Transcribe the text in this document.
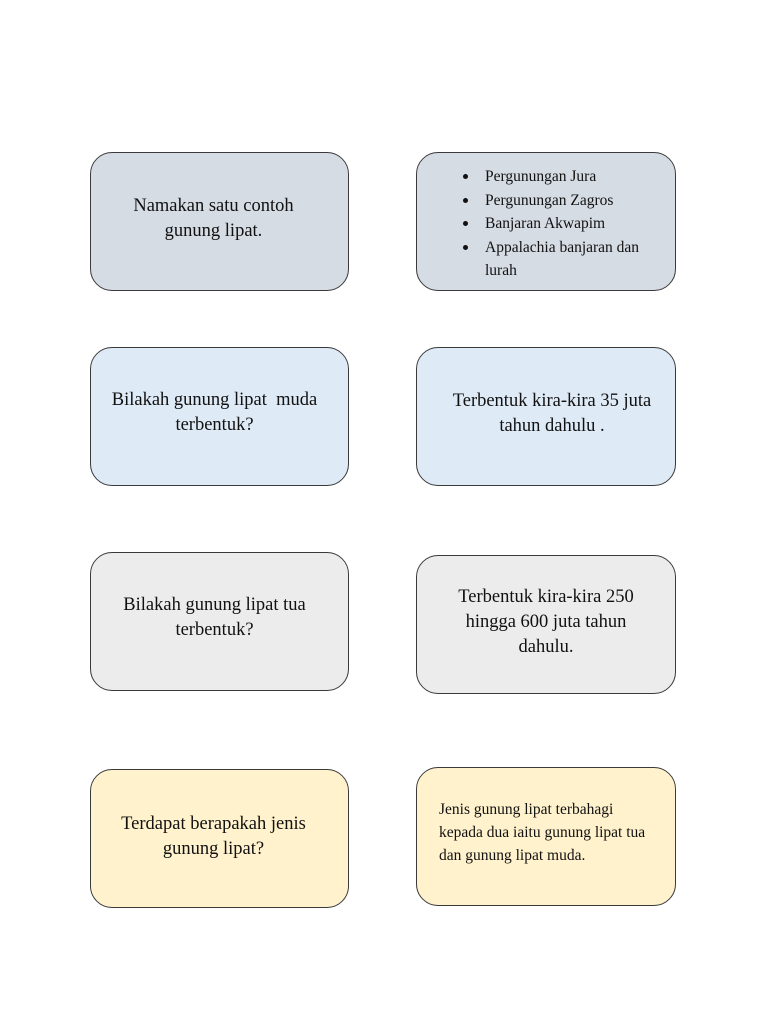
Namakan satu contoh gunung lipat.
Pergunungan Jura
Pergunungan Zagros
Banjaran Akwapim
Appalachia banjaran dan lurah
Bilakah gunung lipat  muda terbentuk?
Terbentuk kira-kira 35 juta tahun dahulu .
Bilakah gunung lipat tua terbentuk?
Terbentuk kira-kira 250 hingga 600 juta tahun dahulu.
Terdapat berapakah jenis gunung lipat?
Jenis gunung lipat terbahagi kepada dua iaitu gunung lipat tua dan gunung lipat muda.
